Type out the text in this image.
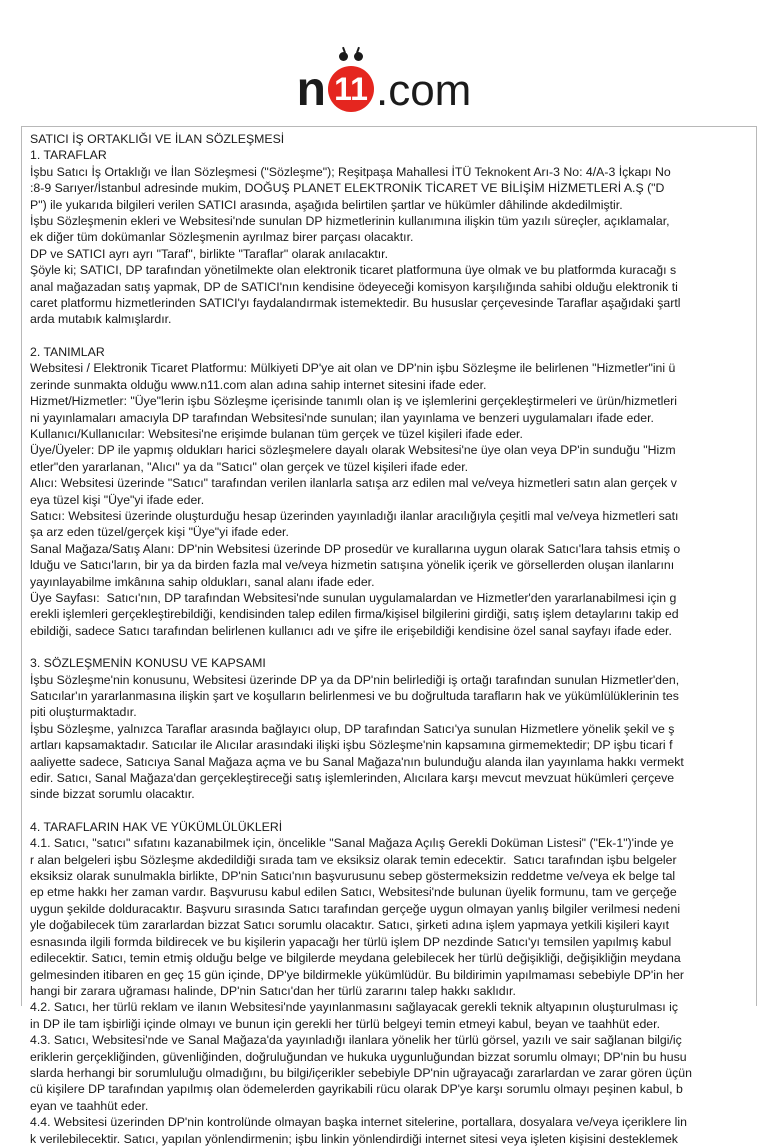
n 11 .com
SATICI İŞ ORTAKLIĞI VE İLAN SÖZLEŞMESİ
1. TARAFLAR
İşbu Satıcı İş Ortaklığı ve İlan Sözleşmesi ("Sözleşme"); Reşitpaşa Mahallesi İTÜ Teknokent Arı-3 No: 4/A-3 İçkapı No
:8-9 Sarıyer/İstanbul adresinde mukim, DOĞUŞ PLANET ELEKTRONİK TİCARET VE BİLİŞİM HİZMETLERİ A.Ş ("D
P") ile yukarıda bilgileri verilen SATICI arasında, aşağıda belirtilen şartlar ve hükümler dâhilinde akdedilmiştir.
İşbu Sözleşmenin ekleri ve Websitesi'nde sunulan DP hizmetlerinin kullanımına ilişkin tüm yazılı süreçler, açıklamalar,
ek diğer tüm dokümanlar Sözleşmenin ayrılmaz birer parçası olacaktır.
DP ve SATICI ayrı ayrı "Taraf", birlikte "Taraflar" olarak anılacaktır.
Şöyle ki; SATICI, DP tarafından yönetilmekte olan elektronik ticaret platformuna üye olmak ve bu platformda kuracağı s
anal mağazadan satış yapmak, DP de SATICI'nın kendisine ödeyeceği komisyon karşılığında sahibi olduğu elektronik ti
caret platformu hizmetlerinden SATICI'yı faydalandırmak istemektedir. Bu hususlar çerçevesinde Taraflar aşağıdaki şartl
arda mutabık kalmışlardır.
2. TANIMLAR
Websitesi / Elektronik Ticaret Platformu: Mülkiyeti DP'ye ait olan ve DP'nin işbu Sözleşme ile belirlenen "Hizmetler"ini ü
zerinde sunmakta olduğu www.n11.com alan adına sahip internet sitesini ifade eder.
Hizmet/Hizmetler: "Üye"lerin işbu Sözleşme içerisinde tanımlı olan iş ve işlemlerini gerçekleştirmeleri ve ürün/hizmetleri
ni yayınlamaları amacıyla DP tarafından Websitesi'nde sunulan; ilan yayınlama ve benzeri uygulamaları ifade eder.
Kullanıcı/Kullanıcılar: Websitesi'ne erişimde bulanan tüm gerçek ve tüzel kişileri ifade eder.
Üye/Üyeler: DP ile yapmış oldukları harici sözleşmelere dayalı olarak Websitesi'ne üye olan veya DP'in sunduğu "Hizm
etler"den yararlanan, "Alıcı" ya da "Satıcı" olan gerçek ve tüzel kişileri ifade eder.
Alıcı: Websitesi üzerinde "Satıcı" tarafından verilen ilanlarla satışa arz edilen mal ve/veya hizmetleri satın alan gerçek v
eya tüzel kişi "Üye"yi ifade eder.
Satıcı: Websitesi üzerinde oluşturduğu hesap üzerinden yayınladığı ilanlar aracılığıyla çeşitli mal ve/veya hizmetleri satı
şa arz eden tüzel/gerçek kişi "Üye"yi ifade eder.
Sanal Mağaza/Satış Alanı: DP'nin Websitesi üzerinde DP prosedür ve kurallarına uygun olarak Satıcı'lara tahsis etmiş o
lduğu ve Satıcı'ların, bir ya da birden fazla mal ve/veya hizmetin satışına yönelik içerik ve görsellerden oluşan ilanlarını
yayınlayabilme imkânına sahip oldukları, sanal alanı ifade eder.
Üye Sayfası:  Satıcı'nın, DP tarafından Websitesi'nde sunulan uygulamalardan ve Hizmetler'den yararlanabilmesi için g
erekli işlemleri gerçekleştirebildiği, kendisinden talep edilen firma/kişisel bilgilerini girdiği, satış işlem detaylarını takip ed
ebildiği, sadece Satıcı tarafından belirlenen kullanıcı adı ve şifre ile erişebildiği kendisine özel sanal sayfayı ifade eder.
3. SÖZLEŞMENİN KONUSU VE KAPSAMI
İşbu Sözleşme'nin konusunu, Websitesi üzerinde DP ya da DP'nin belirlediği iş ortağı tarafından sunulan Hizmetler'den,
Satıcılar'ın yararlanmasına ilişkin şart ve koşulların belirlenmesi ve bu doğrultuda tarafların hak ve yükümlülüklerinin tes
piti oluşturmaktadır.
İşbu Sözleşme, yalnızca Taraflar arasında bağlayıcı olup, DP tarafından Satıcı'ya sunulan Hizmetlere yönelik şekil ve ş
artları kapsamaktadır. Satıcılar ile Alıcılar arasındaki ilişki işbu Sözleşme'nin kapsamına girmemektedir; DP işbu ticari f
aaliyette sadece, Satıcıya Sanal Mağaza açma ve bu Sanal Mağaza'nın bulunduğu alanda ilan yayınlama hakkı vermekt
edir. Satıcı, Sanal Mağaza'dan gerçekleştireceği satış işlemlerinden, Alıcılara karşı mevcut mevzuat hükümleri çerçeve
sinde bizzat sorumlu olacaktır.
4. TARAFLARIN HAK VE YÜKÜMLÜLÜKLERİ
4.1. Satıcı, "satıcı" sıfatını kazanabilmek için, öncelikle "Sanal Mağaza Açılış Gerekli Doküman Listesi" ("Ek-1")'inde ye
r alan belgeleri işbu Sözleşme akdedildiği sırada tam ve eksiksiz olarak temin edecektir.  Satıcı tarafından işbu belgeler
eksiksiz olarak sunulmakla birlikte, DP'nin Satıcı'nın başvurusunu sebep göstermeksizin reddetme ve/veya ek belge tal
ep etme hakkı her zaman vardır. Başvurusu kabul edilen Satıcı, Websitesi'nde bulunan üyelik formunu, tam ve gerçeğe
uygun şekilde dolduracaktır. Başvuru sırasında Satıcı tarafından gerçeğe uygun olmayan yanlış bilgiler verilmesi nedeni
yle doğabilecek tüm zararlardan bizzat Satıcı sorumlu olacaktır. Satıcı, şirketi adına işlem yapmaya yetkili kişileri kayıt
esnasında ilgili formda bildirecek ve bu kişilerin yapacağı her türlü işlem DP nezdinde Satıcı'yı temsilen yapılmış kabul
edilecektir. Satıcı, temin etmiş olduğu belge ve bilgilerde meydana gelebilecek her türlü değişikliği, değişikliğin meydana
gelmesinden itibaren en geç 15 gün içinde, DP'ye bildirmekle yükümlüdür. Bu bildirimin yapılmaması sebebiyle DP'in her
hangi bir zarara uğraması halinde, DP'nin Satıcı'dan her türlü zararını talep hakkı saklıdır.
4.2. Satıcı, her türlü reklam ve ilanın Websitesi'nde yayınlanmasını sağlayacak gerekli teknik altyapının oluşturulması iç
in DP ile tam işbirliği içinde olmayı ve bunun için gerekli her türlü belgeyi temin etmeyi kabul, beyan ve taahhüt eder.
4.3. Satıcı, Websitesi'nde ve Sanal Mağaza'da yayınladığı ilanlara yönelik her türlü görsel, yazılı ve sair sağlanan bilgi/iç
eriklerin gerçekliğinden, güvenliğinden, doğruluğundan ve hukuka uygunluğundan bizzat sorumlu olmayı; DP'nin bu husu
slarda herhangi bir sorumluluğu olmadığını, bu bilgi/içerikler sebebiyle DP'nin uğrayacağı zararlardan ve zarar gören üçün
cü kişilere DP tarafından yapılmış olan ödemelerden gayrikabili rücu olarak DP'ye karşı sorumlu olmayı peşinen kabul, b
eyan ve taahhüt eder.
4.4. Websitesi üzerinden DP'nin kontrolünde olmayan başka internet sitelerine, portallara, dosyalara ve/veya içeriklere lin
k verilebilecektir. Satıcı, yapılan yönlendirmenin; işbu linkin yönlendirdiği internet sitesi veya işleten kişisini desteklemek
